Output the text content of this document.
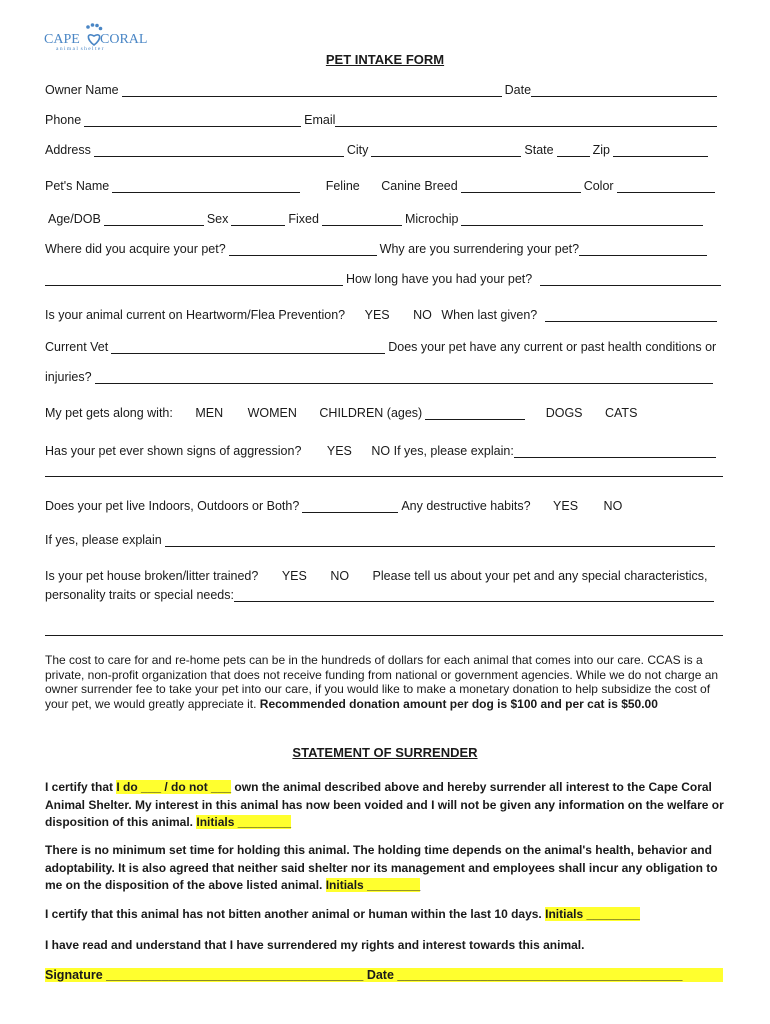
CAPE CORAL
a n i m a l  s h e l t e r
PET INTAKE FORM
Owner Name	Date
Phone	Email
Address	City	State	Zip
Pet's Name	Feline Canine Breed	Color
Age/DOB	Sex	Fixed	Microchip
Where did you acquire your pet?	Why are you surrendering your pet?
How long have you had your pet?
Is your animal current on Heartworm/Flea Prevention? YES NO When last given?
Current Vet	Does your pet have any current or past health conditions or
injuries?
My pet gets along with: MEN WOMEN CHILDREN (ages)	DOGS CATS
Has your pet ever shown signs of aggression? YES NO If yes, please explain:
Does your pet live Indoors, Outdoors or Both?	Any destructive habits? YES NO
If yes, please explain
Is your pet house broken/litter trained? YES NO Please tell us about your pet and any special characteristics,
personality traits or special needs:
The cost to care for and re-home pets can be in the hundreds of dollars for each animal that comes into our care. CCAS is a private, non-profit organization that does not receive funding from national or government agencies. While we do not charge an owner surrender fee to take your pet into our care, if you would like to make a monetary donation to help subsidize the cost of your pet, we would greatly appreciate it. Recommended donation amount per dog is $100 and per cat is $50.00
STATEMENT OF SURRENDER
I certify that I do ___ / do not ___ own the animal described above and hereby surrender all interest to the Cape Coral Animal Shelter. My interest in this animal has now been voided and I will not be given any information on the welfare or disposition of this animal. Initials ________
There is no minimum set time for holding this animal. The holding time depends on the animal's health, behavior and adoptability. It is also agreed that neither said shelter nor its management and employees shall incur any obligation to me on the disposition of the above listed animal. Initials ________
I certify that this animal has not bitten another animal or human within the last 10 days. Initials ________
I have read and understand that I have surrendered my rights and interest towards this animal.
Signature _____________________________________ Date _________________________________________
